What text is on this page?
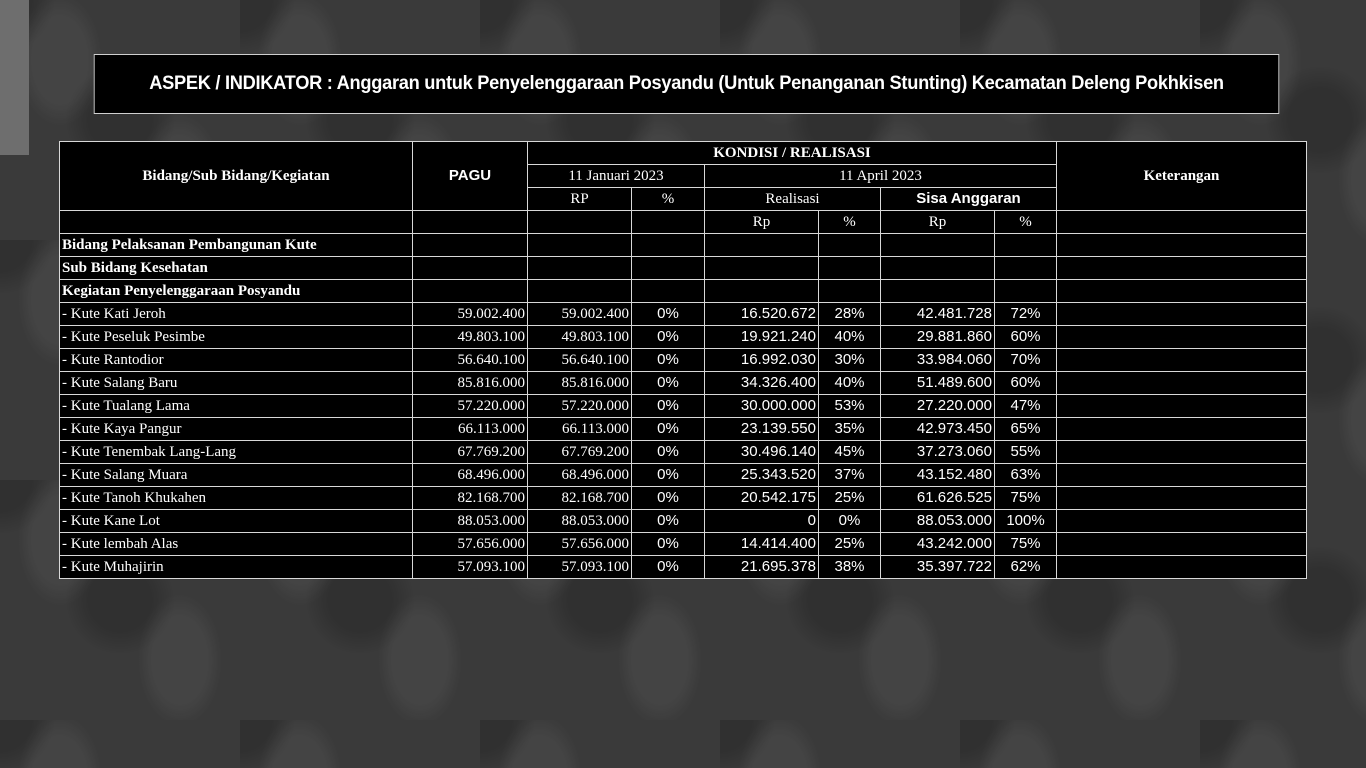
ASPEK / INDIKATOR : Anggaran untuk Penyelenggaraan Posyandu (Untuk Penanganan Stunting) Kecamatan Deleng Pokhkisen
Bidang/Sub Bidang/Kegiatan	PAGU	KONDISI / REALISASI						Keterangan
		11 Januari 2023		11 April 2023				
		RP	%	Realisasi		Sisa Anggaran		
				Rp	%	Rp	%	
Bidang Pelaksanan Pembangunan Kute								
Sub Bidang Kesehatan								
Kegiatan Penyelenggaraan Posyandu								
- Kute Kati Jeroh	59.002.400	59.002.400	0%	16.520.672	28%	42.481.728	72%	
- Kute Peseluk Pesimbe	49.803.100	49.803.100	0%	19.921.240	40%	29.881.860	60%	
- Kute Rantodior	56.640.100	56.640.100	0%	16.992.030	30%	33.984.060	70%	
- Kute Salang Baru	85.816.000	85.816.000	0%	34.326.400	40%	51.489.600	60%	
- Kute Tualang Lama	57.220.000	57.220.000	0%	30.000.000	53%	27.220.000	47%	
- Kute Kaya Pangur	66.113.000	66.113.000	0%	23.139.550	35%	42.973.450	65%	
- Kute Tenembak Lang-Lang	67.769.200	67.769.200	0%	30.496.140	45%	37.273.060	55%	
- Kute Salang Muara	68.496.000	68.496.000	0%	25.343.520	37%	43.152.480	63%	
- Kute Tanoh Khukahen	82.168.700	82.168.700	0%	20.542.175	25%	61.626.525	75%	
- Kute Kane Lot	88.053.000	88.053.000	0%	0	0%	88.053.000	100%	
- Kute lembah Alas	57.656.000	57.656.000	0%	14.414.400	25%	43.242.000	75%	
- Kute Muhajirin	57.093.100	57.093.100	0%	21.695.378	38%	35.397.722	62%	
